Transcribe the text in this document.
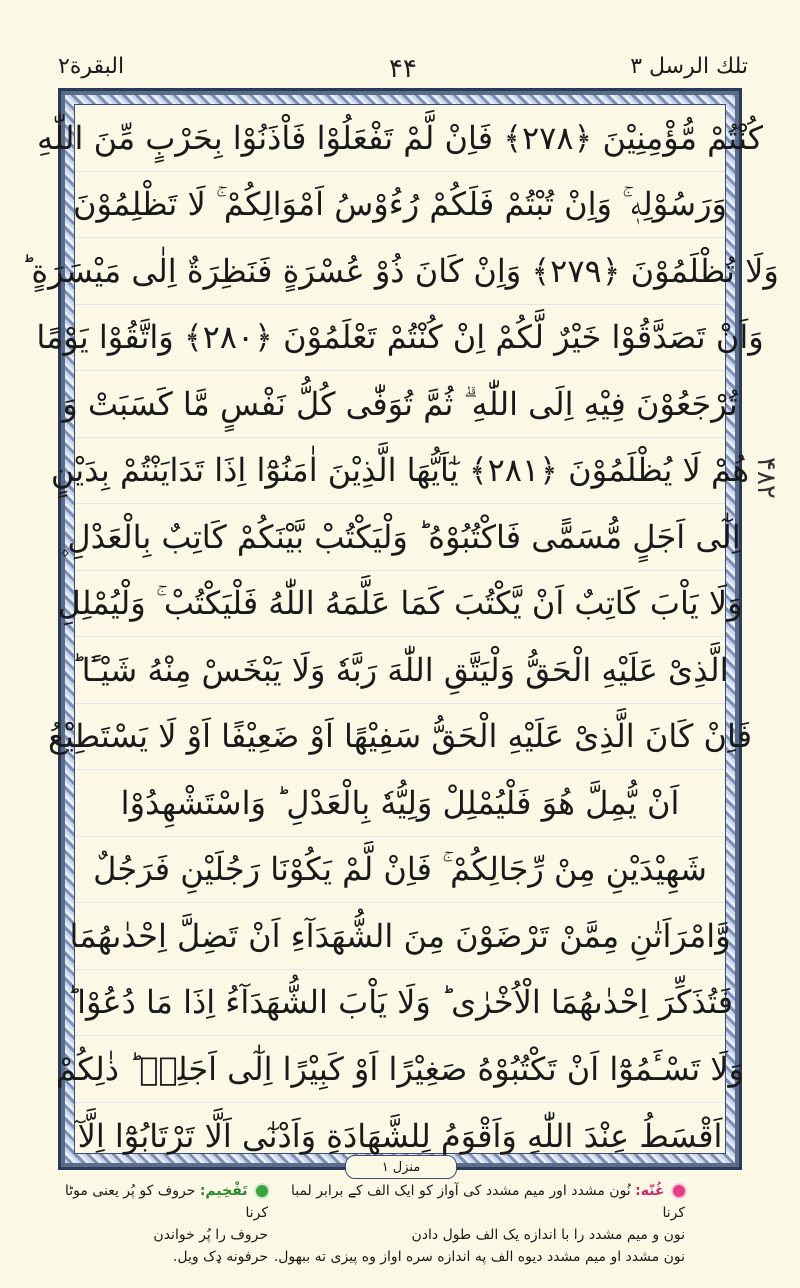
البقرة٢	۴۴	تلك الرسل ٣
كُنْتُمْ مُّؤْمِنِيْنَ ﴿٢٧٨﴾ فَاِنْ لَّمْ تَفْعَلُوْا فَاْذَنُوْا بِحَرْبٍ مِّنَ اللّٰهِ
وَرَسُوْلِهٖ ۚ وَاِنْ تُبْتُمْ فَلَكُمْ رُءُوْسُ اَمْوَالِكُمْ ۚ لَا تَظْلِمُوْنَ
وَلَا تُظْلَمُوْنَ ﴿٢٧٩﴾ وَاِنْ كَانَ ذُوْ عُسْرَةٍ فَنَظِرَةٌ اِلٰى مَيْسَرَةٍ ؕ
وَاَنْ تَصَدَّقُوْا خَيْرٌ لَّكُمْ اِنْ كُنْتُمْ تَعْلَمُوْنَ ﴿٢٨٠﴾ وَاتَّقُوْا يَوْمًا
تُرْجَعُوْنَ فِيْهِ اِلَى اللّٰهِ ۗ ثُمَّ تُوَفّٰى كُلُّ نَفْسٍ مَّا كَسَبَتْ وَ
هُمْ لَا يُظْلَمُوْنَ ﴿٢٨١﴾ يٰٓاَيُّهَا الَّذِيْنَ اٰمَنُوْٓا اِذَا تَدَايَنْتُمْ بِدَيْنٍ
اِلٰٓى اَجَلٍ مُّسَمًّى فَاكْتُبُوْهُ ؕ وَلْيَكْتُبْ بَّيْنَكُمْ كَاتِبٌ بِالْعَدْلِ ۪
وَلَا يَاْبَ كَاتِبٌ اَنْ يَّكْتُبَ كَمَا عَلَّمَهُ اللّٰهُ فَلْيَكْتُبْ ۚ وَلْيُمْلِلِ
الَّذِىْ عَلَيْهِ الْحَقُّ وَلْيَتَّقِ اللّٰهَ رَبَّهٗ وَلَا يَبْخَسْ مِنْهُ شَيْـًٔا ؕ
فَاِنْ كَانَ الَّذِىْ عَلَيْهِ الْحَقُّ سَفِيْهًا اَوْ ضَعِيْفًا اَوْ لَا يَسْتَطِيْعُ
اَنْ يُّمِلَّ هُوَ فَلْيُمْلِلْ وَلِيُّهٗ بِالْعَدْلِ ؕ وَاسْتَشْهِدُوْا
شَهِيْدَيْنِ مِنْ رِّجَالِكُمْ ۚ فَاِنْ لَّمْ يَكُوْنَا رَجُلَيْنِ فَرَجُلٌ
وَّامْرَاَتٰنِ مِمَّنْ تَرْضَوْنَ مِنَ الشُّهَدَآءِ اَنْ تَضِلَّ اِحْدٰىهُمَا
فَتُذَكِّرَ اِحْدٰىهُمَا الْاُخْرٰى ؕ وَلَا يَاْبَ الشُّهَدَآءُ اِذَا مَا دُعُوْا ؕ
وَلَا تَسْـَٔمُوْٓا اَنْ تَكْتُبُوْهُ صَغِيْرًا اَوْ كَبِيْرًا اِلٰٓى اَجَلِهٖ ؕ ذٰلِكُمْ
اَقْسَطُ عِنْدَ اللّٰهِ وَاَقْوَمُ لِلشَّهَادَةِ وَاَدْنٰٓى اَلَّا تَرْتَابُوْٓا اِلَّآ
۴٨٢
منزل ١
غُنّه: نُون مشدد اور میم مشدد کی آواز کو ایک الف کے برابر لمبا کرنا
نون و میم مشدد را با اندازه یک الف طول دادن
نون مشدد او میم مشدد دیوه الف په اندازه سره اواز وه پیزی ته ببهول.
تَفْخِيم: حروف کو پُر یعنی موٹا کرنا
حروف را پُر خواندن
حرفونه ډک ویل.
